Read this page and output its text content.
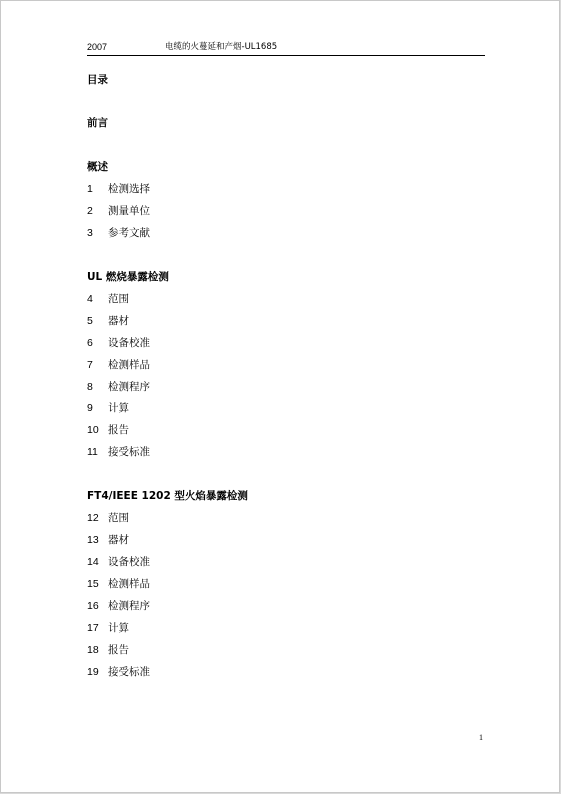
2007	电缆的火蔓延和产烟-UL1685
目录
前言
概述
1 检测选择
2 测量单位
3 参考文献
UL 燃烧暴露检测
4 范围
5 器材
6 设备校准
7 检测样品
8 检测程序
9 计算
10 报告
11 接受标准
FT4/IEEE 1202 型火焰暴露检测
12 范围
13 器材
14 设备校准
15 检测样品
16 检测程序
17 计算
18 报告
19 接受标准
1
